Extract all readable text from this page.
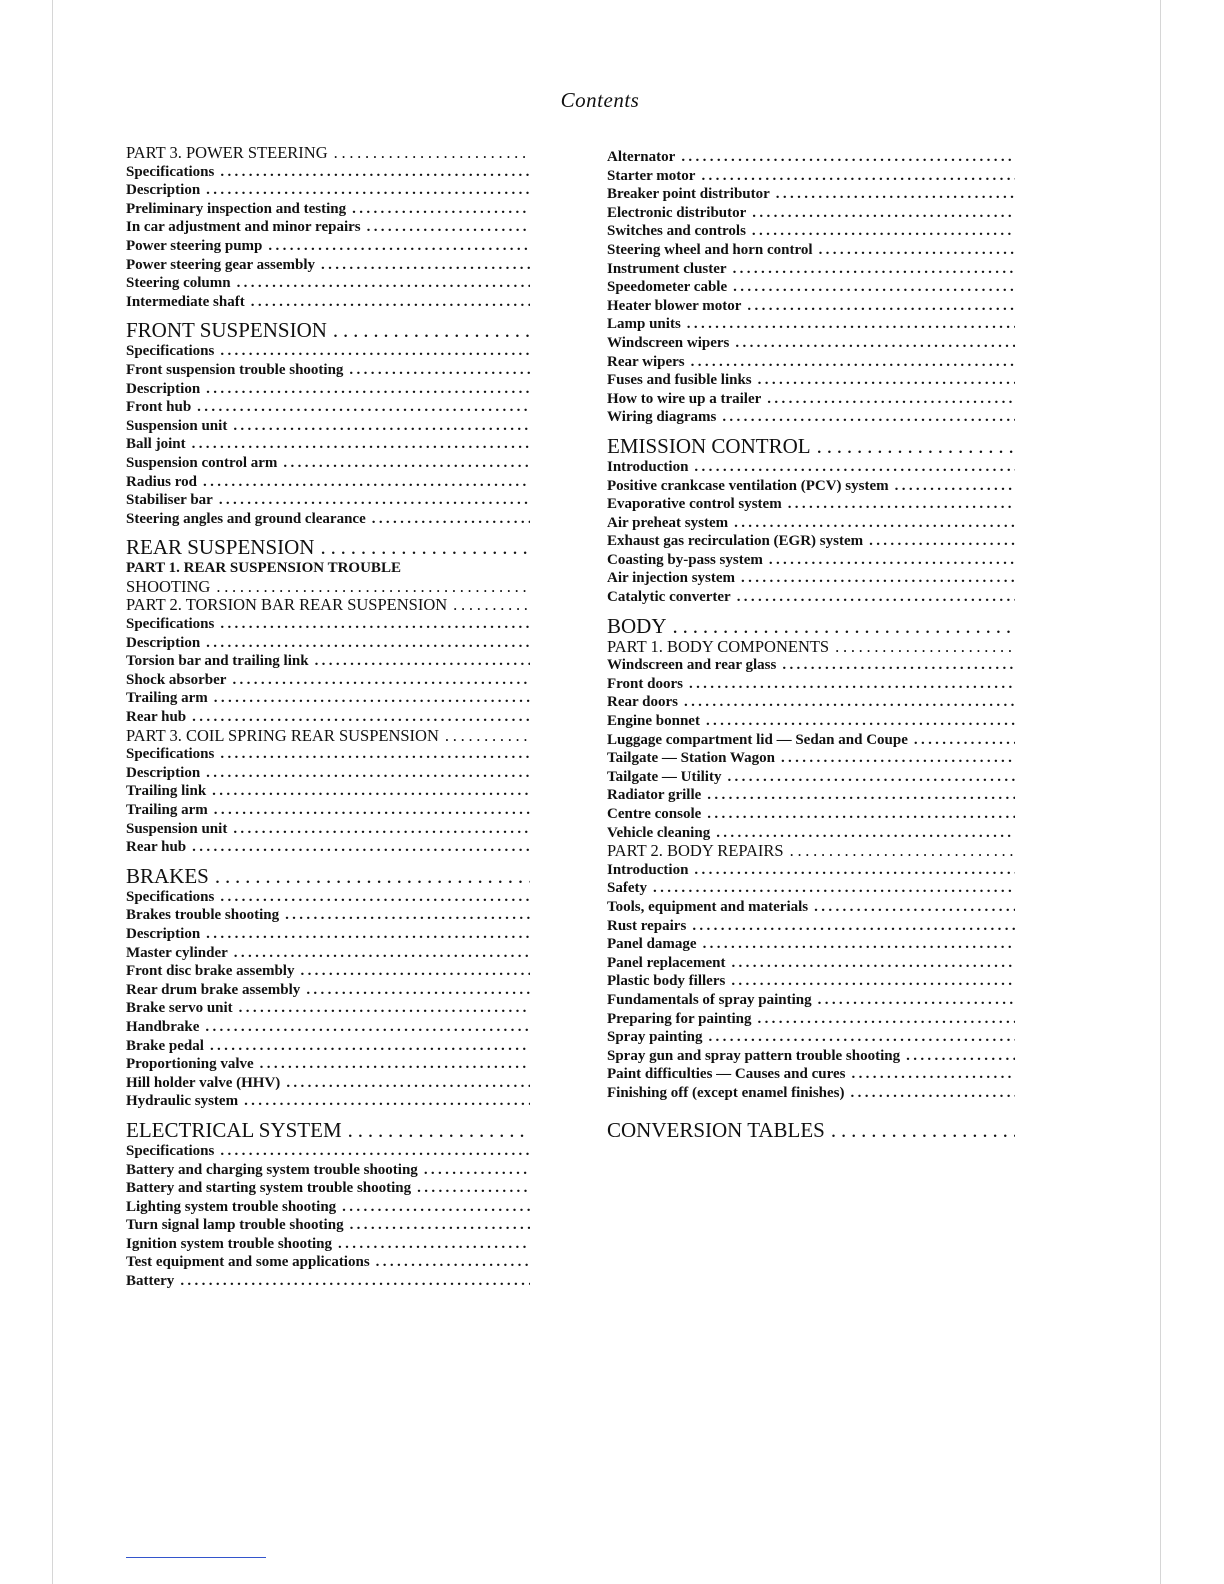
Contents
PART 3. POWER STEERING
. . .
Specifications
. . .
Description
. . .
Preliminary inspection and testing
. . .
In car adjustment and minor repairs
. . .
Power steering pump
. . .
Power steering gear assembly
. . .
Steering column
. . .
Intermediate shaft
. . .
FRONT SUSPENSION
. . .
Specifications
. . .
Front suspension trouble shooting
. . .
Description
. . .
Front hub
. . .
Suspension unit
. . .
Ball joint
. . .
Suspension control arm
. . .
Radius rod
. . .
Stabiliser bar
. . .
Steering angles and ground clearance
. . .
REAR SUSPENSION
. . .
PART 1. REAR SUSPENSION TROUBLE
SHOOTING
. . .
PART 2. TORSION BAR REAR SUSPENSION
. . .
Specifications
. . .
Description
. . .
Torsion bar and trailing link
. . .
Shock absorber
. . .
Trailing arm
. . .
Rear hub
. . .
PART 3. COIL SPRING REAR SUSPENSION
. . .
Specifications
. . .
Description
. . .
Trailing link
. . .
Trailing arm
. . .
Suspension unit
. . .
Rear hub
. . .
BRAKES
. . .
Specifications
. . .
Brakes trouble shooting
. . .
Description
. . .
Master cylinder
. . .
Front disc brake assembly
. . .
Rear drum brake assembly
. . .
Brake servo unit
. . .
Handbrake
. . .
Brake pedal
. . .
Proportioning valve
. . .
Hill holder valve (HHV)
. . .
Hydraulic system
. . .
ELECTRICAL SYSTEM
. . .
Specifications
. . .
Battery and charging system trouble shooting
. . .
Battery and starting system trouble shooting
. . .
Lighting system trouble shooting
. . .
Turn signal lamp trouble shooting
. . .
Ignition system trouble shooting
. . .
Test equipment and some applications
. . .
Battery
. . .
Alternator
. . .
Starter motor
. . .
Breaker point distributor
. . .
Electronic distributor
. . .
Switches and controls
. . .
Steering wheel and horn control
. . .
Instrument cluster
. . .
Speedometer cable
. . .
Heater blower motor
. . .
Lamp units
. . .
Windscreen wipers
. . .
Rear wipers
. . .
Fuses and fusible links
. . .
How to wire up a trailer
. . .
Wiring diagrams
. . .
EMISSION CONTROL
. . .
Introduction
. . .
Positive crankcase ventilation (PCV) system
. . .
Evaporative control system
. . .
Air preheat system
. . .
Exhaust gas recirculation (EGR) system
. . .
Coasting by-pass system
. . .
Air injection system
. . .
Catalytic converter
. . .
BODY
. . .
PART 1. BODY COMPONENTS
. . .
Windscreen and rear glass
. . .
Front doors
. . .
Rear doors
. . .
Engine bonnet
. . .
Luggage compartment lid — Sedan and Coupe
. . .
Tailgate — Station Wagon
. . .
Tailgate — Utility
. . .
Radiator grille
. . .
Centre console
. . .
Vehicle cleaning
. . .
PART 2. BODY REPAIRS
. . .
Introduction
. . .
Safety
. . .
Tools, equipment and materials
. . .
Rust repairs
. . .
Panel damage
. . .
Panel replacement
. . .
Plastic body fillers
. . .
Fundamentals of spray painting
. . .
Preparing for painting
. . .
Spray painting
. . .
Spray gun and spray pattern trouble shooting
. . .
Paint difficulties — Causes and cures
. . .
Finishing off (except enamel finishes)
. . .
CONVERSION TABLES
. . .
